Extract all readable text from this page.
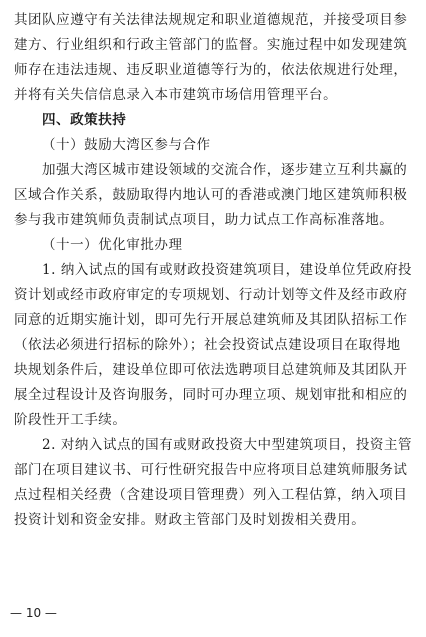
其团队应遵守有关法律法规规定和职业道德规范，并接受项目参
建方、行业组织和行政主管部门的监督。实施过程中如发现建筑
师存在违法违规、违反职业道德等行为的，依法依规进行处理，
并将有关失信信息录入本市建筑市场信用管理平台。
四、政策扶持
（十）鼓励大湾区参与合作
加强大湾区城市建设领域的交流合作，逐步建立互利共赢的
区域合作关系，鼓励取得内地认可的香港或澳门地区建筑师积极
参与我市建筑师负责制试点项目，助力试点工作高标准落地。
（十一）优化审批办理
1. 纳入试点的国有或财政投资建筑项目，建设单位凭政府投
资计划或经市政府审定的专项规划、行动计划等文件及经市政府
同意的近期实施计划，即可先行开展总建筑师及其团队招标工作
（依法必须进行招标的除外）；社会投资试点建设项目在取得地
块规划条件后，建设单位即可依法选聘项目总建筑师及其团队开
展全过程设计及咨询服务，同时可办理立项、规划审批和相应的
阶段性开工手续。
2. 对纳入试点的国有或财政投资大中型建筑项目，投资主管
部门在项目建议书、可行性研究报告中应将项目总建筑师服务试
点过程相关经费（含建设项目管理费）列入工程估算，纳入项目
投资计划和资金安排。财政主管部门及时划拨相关费用。
— 10 —
